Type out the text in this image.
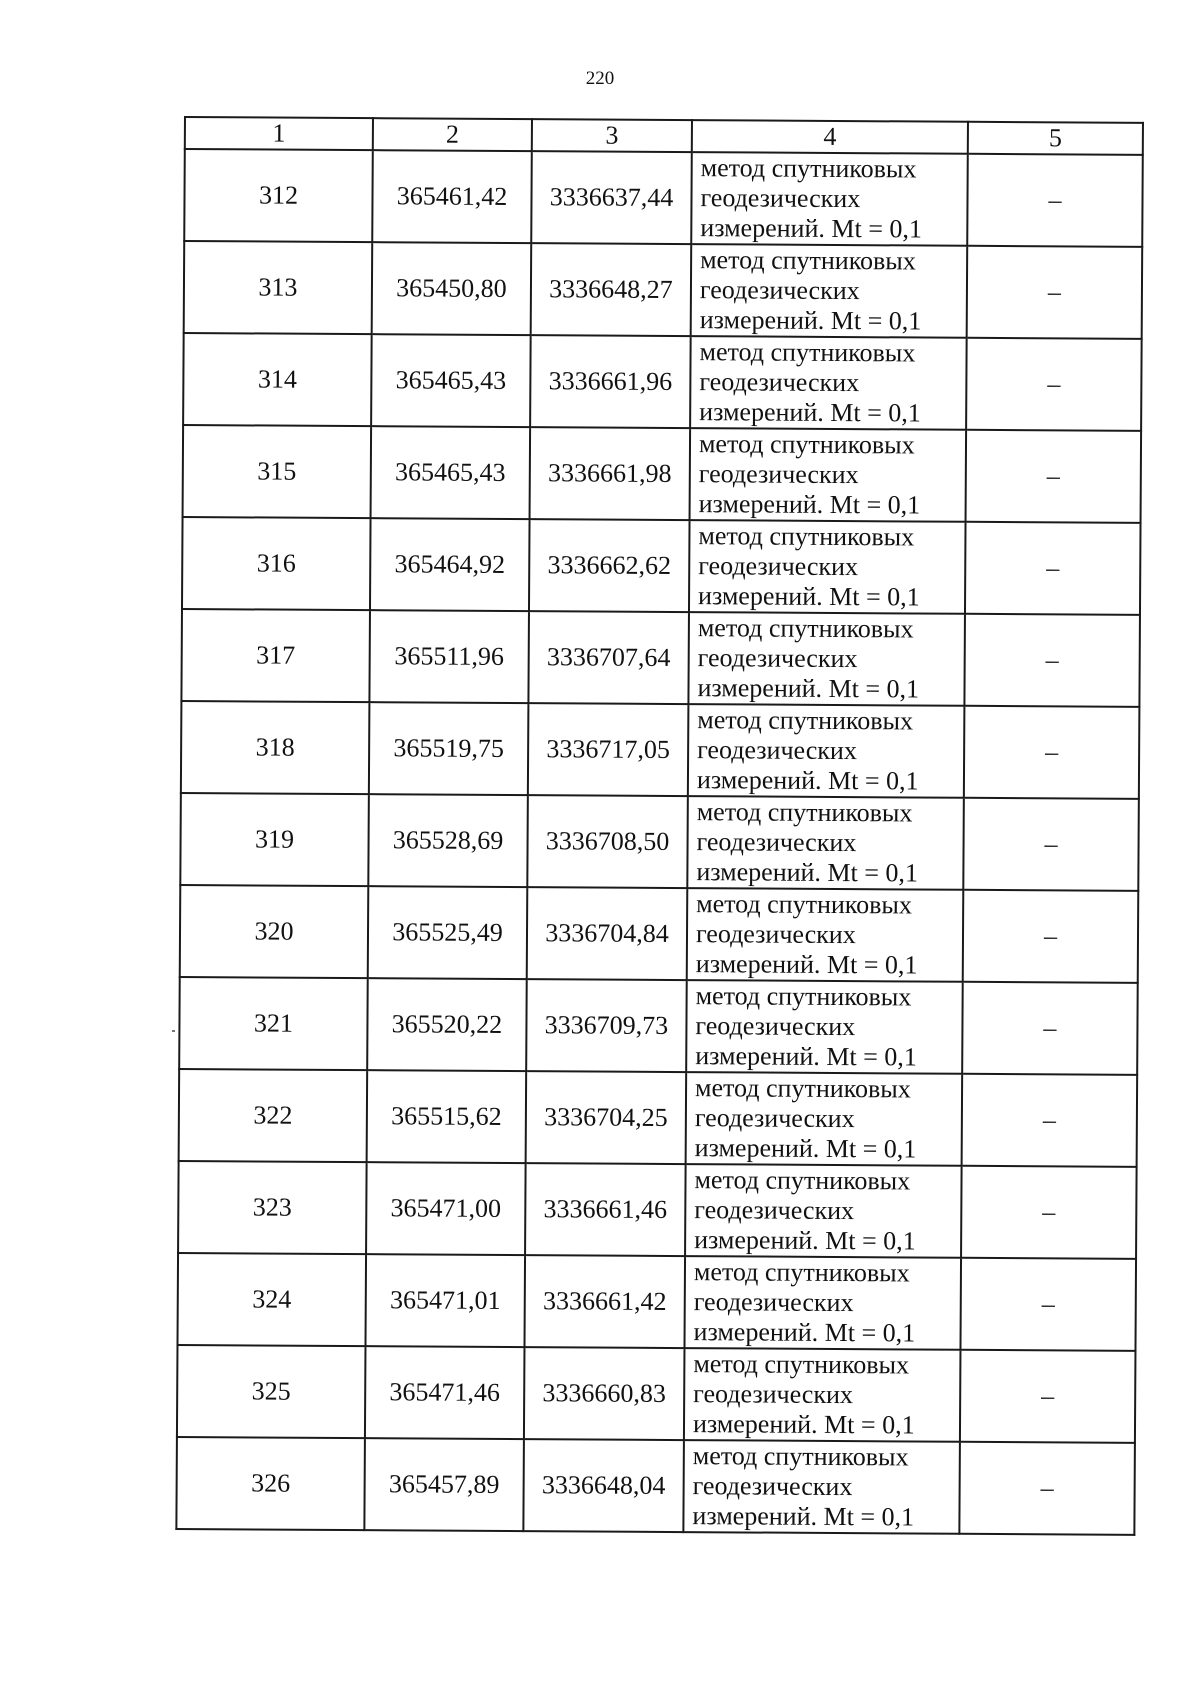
220
1	2	3	4	5
312	365461,42	3336637,44	метод спутниковых
геодезических
измерений. Mt = 0,1	–
313	365450,80	3336648,27	метод спутниковых
геодезических
измерений. Mt = 0,1	–
314	365465,43	3336661,96	метод спутниковых
геодезических
измерений. Mt = 0,1	–
315	365465,43	3336661,98	метод спутниковых
геодезических
измерений. Mt = 0,1	–
316	365464,92	3336662,62	метод спутниковых
геодезических
измерений. Mt = 0,1	–
317	365511,96	3336707,64	метод спутниковых
геодезических
измерений. Mt = 0,1	–
318	365519,75	3336717,05	метод спутниковых
геодезических
измерений. Mt = 0,1	–
319	365528,69	3336708,50	метод спутниковых
геодезических
измерений. Mt = 0,1	–
320	365525,49	3336704,84	метод спутниковых
геодезических
измерений. Mt = 0,1	–
321	365520,22	3336709,73	метод спутниковых
геодезических
измерений. Mt = 0,1	–
322	365515,62	3336704,25	метод спутниковых
геодезических
измерений. Mt = 0,1	–
323	365471,00	3336661,46	метод спутниковых
геодезических
измерений. Mt = 0,1	–
324	365471,01	3336661,42	метод спутниковых
геодезических
измерений. Mt = 0,1	–
325	365471,46	3336660,83	метод спутниковых
геодезических
измерений. Mt = 0,1	–
326	365457,89	3336648,04	метод спутниковых
геодезических
измерений. Mt = 0,1	–
